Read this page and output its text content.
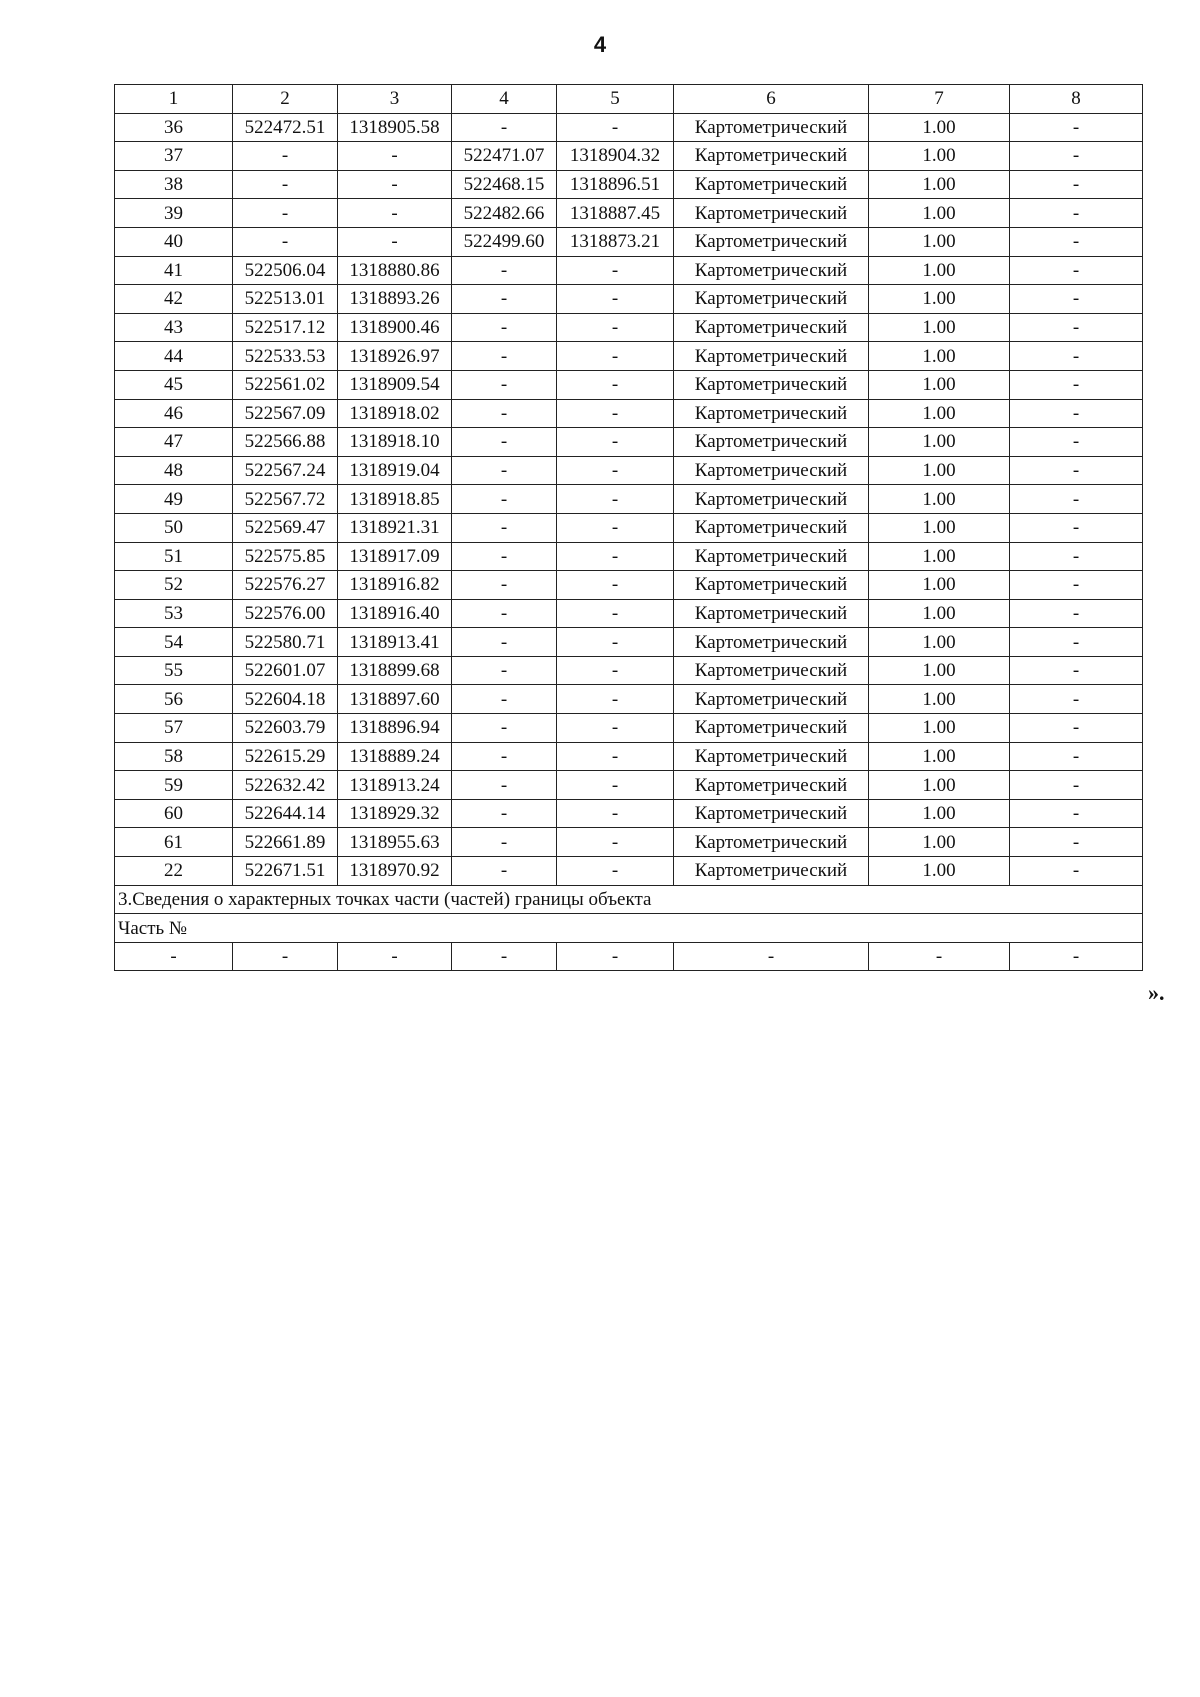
4
1	2	3	4	5	6	7	8
36	522472.51	1318905.58	-	-	Картометрический	1.00	-
37	-	-	522471.07	1318904.32	Картометрический	1.00	-
38	-	-	522468.15	1318896.51	Картометрический	1.00	-
39	-	-	522482.66	1318887.45	Картометрический	1.00	-
40	-	-	522499.60	1318873.21	Картометрический	1.00	-
41	522506.04	1318880.86	-	-	Картометрический	1.00	-
42	522513.01	1318893.26	-	-	Картометрический	1.00	-
43	522517.12	1318900.46	-	-	Картометрический	1.00	-
44	522533.53	1318926.97	-	-	Картометрический	1.00	-
45	522561.02	1318909.54	-	-	Картометрический	1.00	-
46	522567.09	1318918.02	-	-	Картометрический	1.00	-
47	522566.88	1318918.10	-	-	Картометрический	1.00	-
48	522567.24	1318919.04	-	-	Картометрический	1.00	-
49	522567.72	1318918.85	-	-	Картометрический	1.00	-
50	522569.47	1318921.31	-	-	Картометрический	1.00	-
51	522575.85	1318917.09	-	-	Картометрический	1.00	-
52	522576.27	1318916.82	-	-	Картометрический	1.00	-
53	522576.00	1318916.40	-	-	Картометрический	1.00	-
54	522580.71	1318913.41	-	-	Картометрический	1.00	-
55	522601.07	1318899.68	-	-	Картометрический	1.00	-
56	522604.18	1318897.60	-	-	Картометрический	1.00	-
57	522603.79	1318896.94	-	-	Картометрический	1.00	-
58	522615.29	1318889.24	-	-	Картометрический	1.00	-
59	522632.42	1318913.24	-	-	Картометрический	1.00	-
60	522644.14	1318929.32	-	-	Картометрический	1.00	-
61	522661.89	1318955.63	-	-	Картометрический	1.00	-
22	522671.51	1318970.92	-	-	Картометрический	1.00	-
3.Сведения о характерных точках части (частей) границы объекта							
Часть №							
-	-	-	-	-	-	-	-
».
